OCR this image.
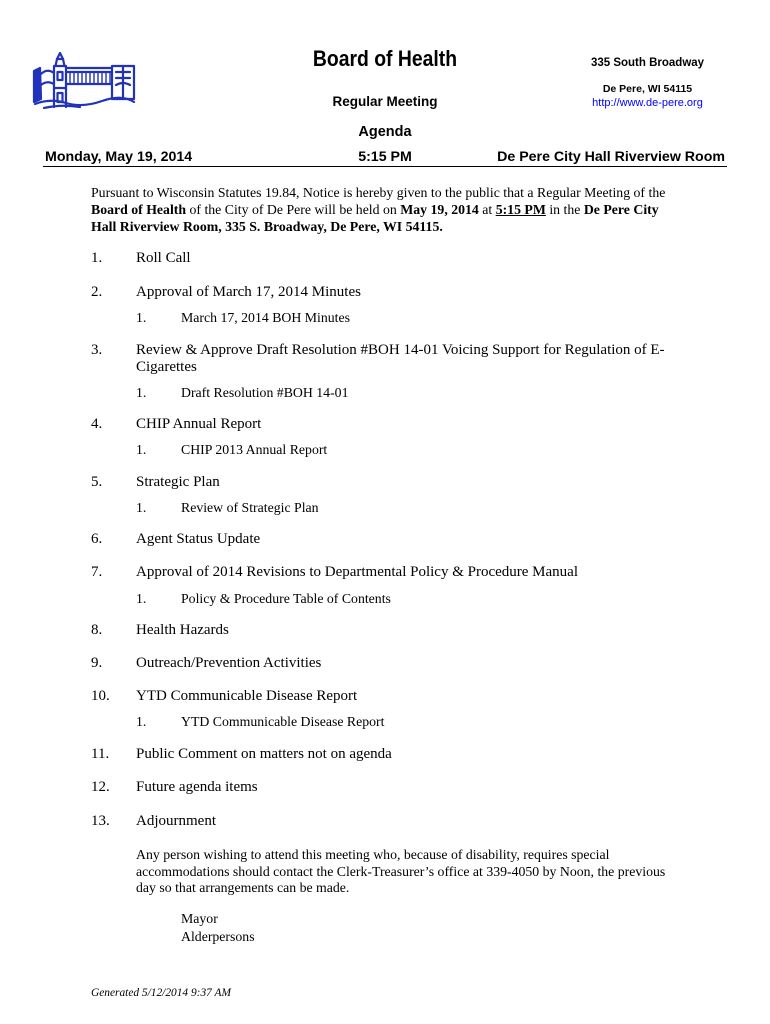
Board of Health
Regular Meeting
Agenda
335 South Broadway
De Pere, WI 54115
http://www.de-pere.org
Monday, May 19, 2014	5:15 PM	De Pere City Hall Riverview Room
Pursuant to Wisconsin Statutes 19.84, Notice is hereby given to the public that a Regular Meeting of the
Board of Health of the City of De Pere will be held on May 19, 2014 at 5:15 PM in the De Pere City
Hall Riverview Room, 335 S. Broadway, De Pere, WI 54115.
1.	Roll Call
2.	Approval of March 17, 2014 Minutes
1.	March 17, 2014 BOH Minutes
3.	Review & Approve Draft Resolution #BOH 14-01 Voicing Support for Regulation of E-Cigarettes
1.	Draft Resolution #BOH 14-01
4.	CHIP Annual Report
1.	CHIP 2013 Annual Report
5.	Strategic Plan
1.	Review of Strategic Plan
6.	Agent Status Update
7.	Approval of 2014 Revisions to Departmental Policy & Procedure Manual
1.	Policy & Procedure Table of Contents
8.	Health Hazards
9.	Outreach/Prevention Activities
10.	YTD Communicable Disease Report
1.	YTD Communicable Disease Report
11.	Public Comment on matters not on agenda
12.	Future agenda items
13.	Adjournment
Any person wishing to attend this meeting who, because of disability, requires special
accommodations should contact the Clerk-Treasurer’s office at 339-4050 by Noon, the previous
day so that arrangements can be made.
Mayor
Alderpersons
Generated 5/12/2014 9:37 AM
